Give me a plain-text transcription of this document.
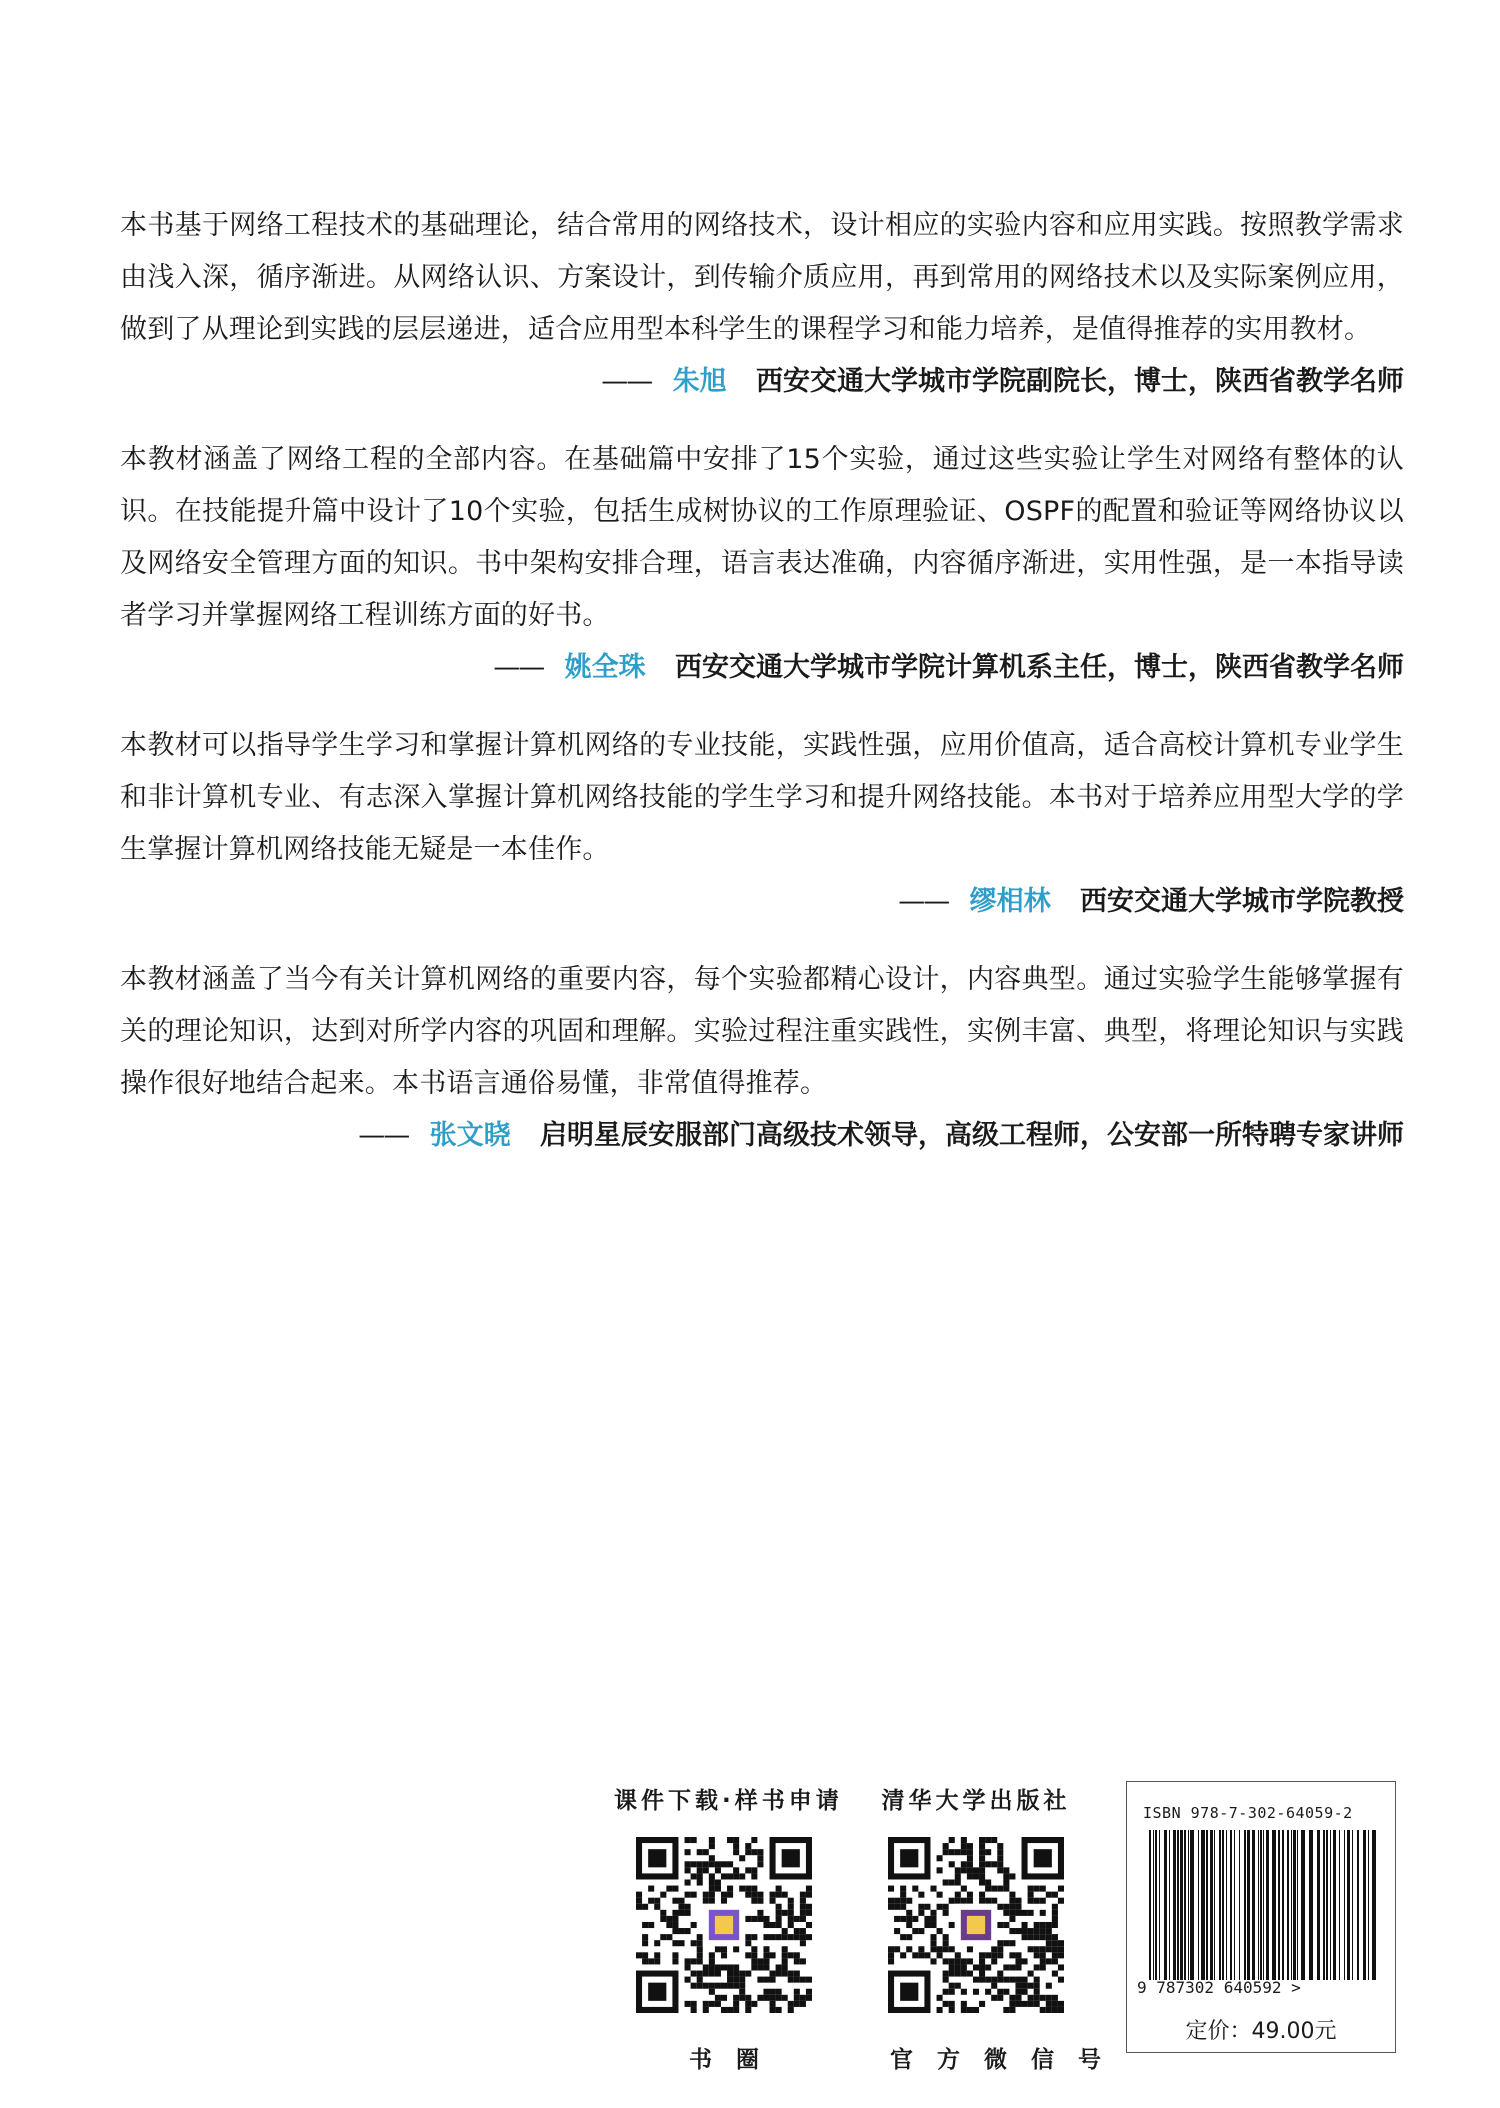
本书基于网络工程技术的基础理论，结合常用的网络技术，设计相应的实验内容和应用实践。按照教学需求由浅入深，循序渐进。从网络认识、方案设计，到传输介质应用，再到常用的网络技术以及实际案例应用，做到了从理论到实践的层层递进，适合应用型本科学生的课程学习和能力培养，是值得推荐的实用教材。

—— 朱旭 西安交通大学城市学院副院长，博士，陕西省教学名师

本教材涵盖了网络工程的全部内容。在基础篇中安排了15个实验，通过这些实验让学生对网络有整体的认识。在技能提升篇中设计了10个实验，包括生成树协议的工作原理验证、OSPF的配置和验证等网络协议以及网络安全管理方面的知识。书中架构安排合理，语言表达准确，内容循序渐进，实用性强，是一本指导读者学习并掌握网络工程训练方面的好书。

—— 姚全珠 西安交通大学城市学院计算机系主任，博士，陕西省教学名师

本教材可以指导学生学习和掌握计算机网络的专业技能，实践性强，应用价值高，适合高校计算机专业学生和非计算机专业、有志深入掌握计算机网络技能的学生学习和提升网络技能。本书对于培养应用型大学的学生掌握计算机网络技能无疑是一本佳作。

—— 缪相林 西安交通大学城市学院教授

本教材涵盖了当今有关计算机网络的重要内容，每个实验都精心设计，内容典型。通过实验学生能够掌握有关的理论知识，达到对所学内容的巩固和理解。实验过程注重实践性，实例丰富、典型，将理论知识与实践操作很好地结合起来。本书语言通俗易懂，非常值得推荐。

—— 张文晓 启明星辰安服部门高级技术领导，高级工程师，公安部一所特聘专家讲师

课件下载·样书申请
书圈
清华大学出版社
官方微信号
ISBN 978-7-302-64059-2
9 787302 640592 >
定价：49.00元
